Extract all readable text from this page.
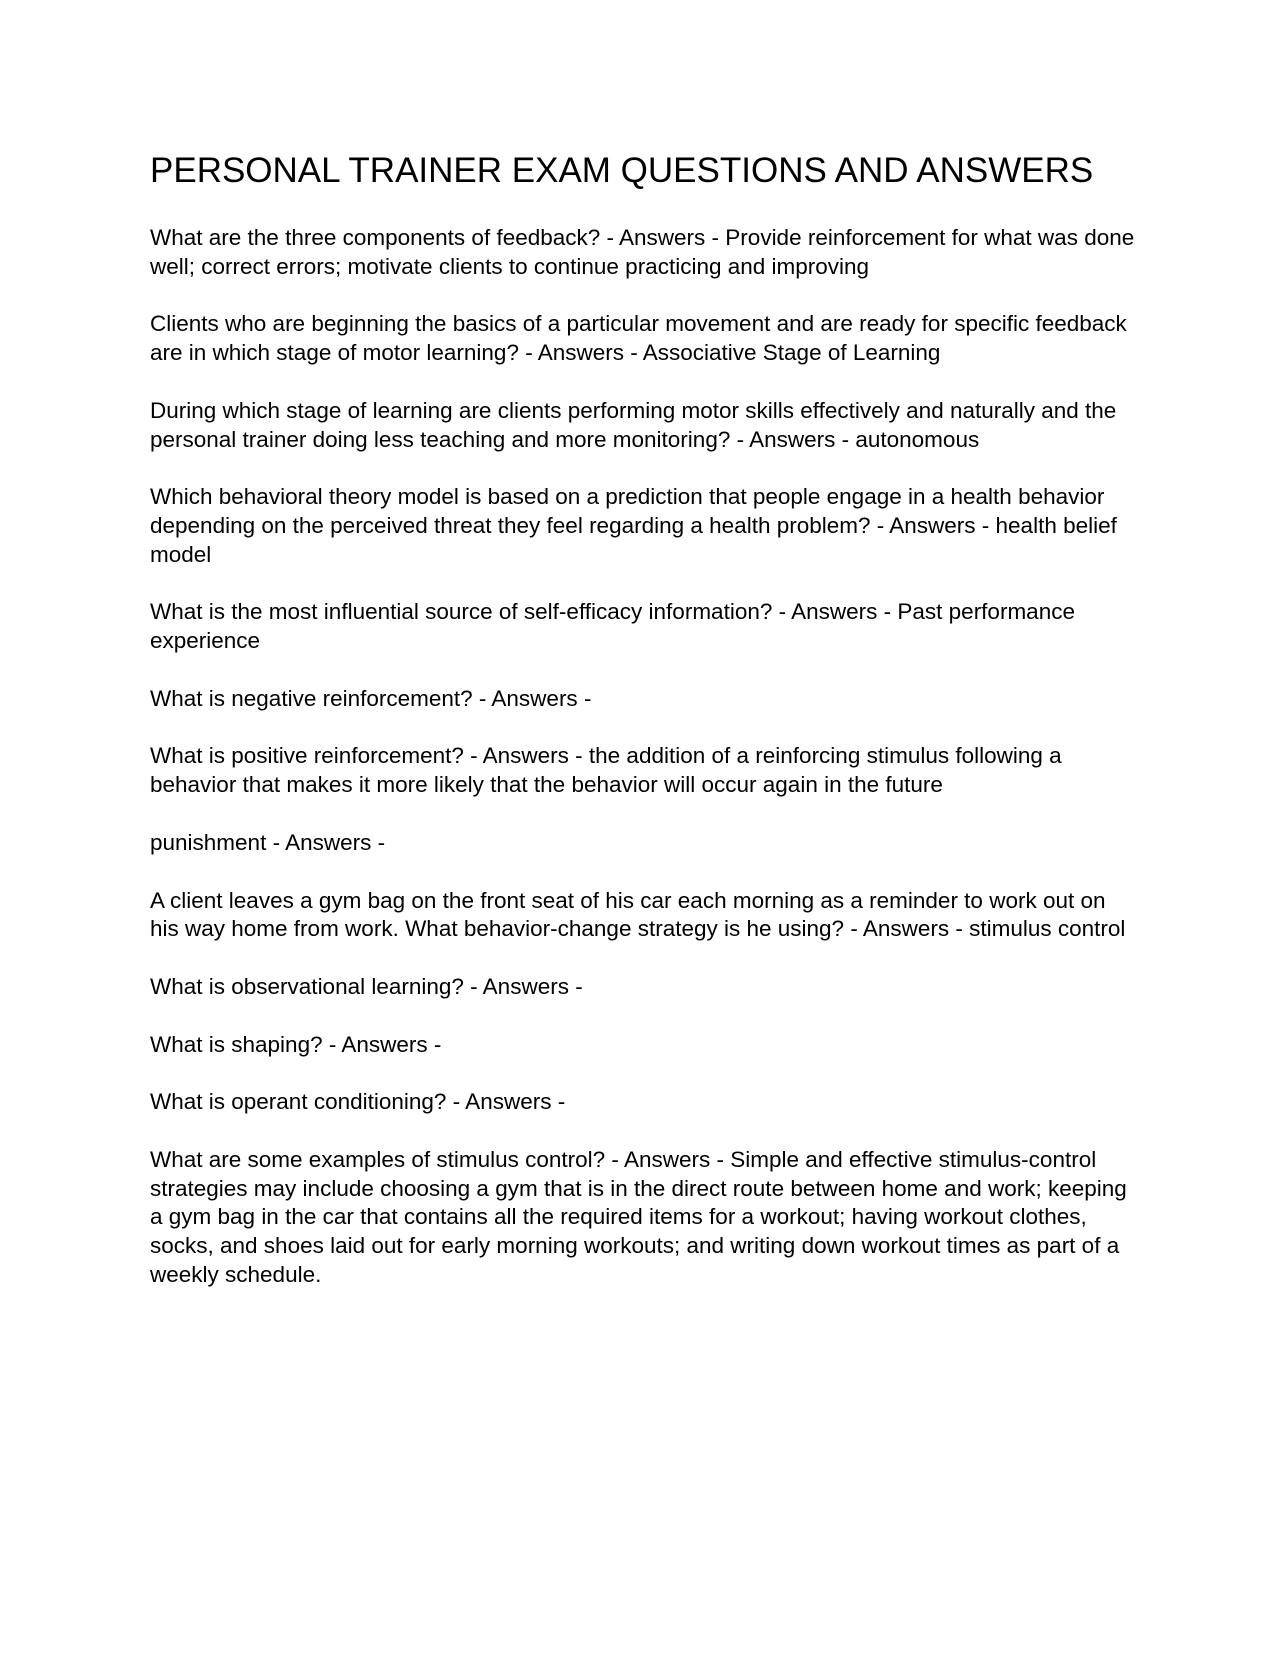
PERSONAL TRAINER EXAM QUESTIONS AND ANSWERS
What are the three components of feedback? - Answers - Provide reinforcement for what was done well; correct errors; motivate clients to continue practicing and improving
Clients who are beginning the basics of a particular movement and are ready for specific feedback are in which stage of motor learning? - Answers - Associative Stage of Learning
During which stage of learning are clients performing motor skills effectively and naturally and the personal trainer doing less teaching and more monitoring? - Answers - autonomous
Which behavioral theory model is based on a prediction that people engage in a health behavior depending on the perceived threat they feel regarding a health problem? - Answers - health belief model
What is the most influential source of self-efficacy information? - Answers - Past performance experience
What is negative reinforcement? - Answers -
What is positive reinforcement? - Answers - the addition of a reinforcing stimulus following a behavior that makes it more likely that the behavior will occur again in the future
punishment - Answers -
A client leaves a gym bag on the front seat of his car each morning as a reminder to work out on his way home from work. What behavior-change strategy is he using? - Answers - stimulus control
What is observational learning? - Answers -
What is shaping? - Answers -
What is operant conditioning? - Answers -
What are some examples of stimulus control? - Answers - Simple and effective stimulus-control strategies may include choosing a gym that is in the direct route between home and work; keeping a gym bag in the car that contains all the required items for a workout; having workout clothes, socks, and shoes laid out for early morning workouts; and writing down workout times as part of a weekly schedule.
